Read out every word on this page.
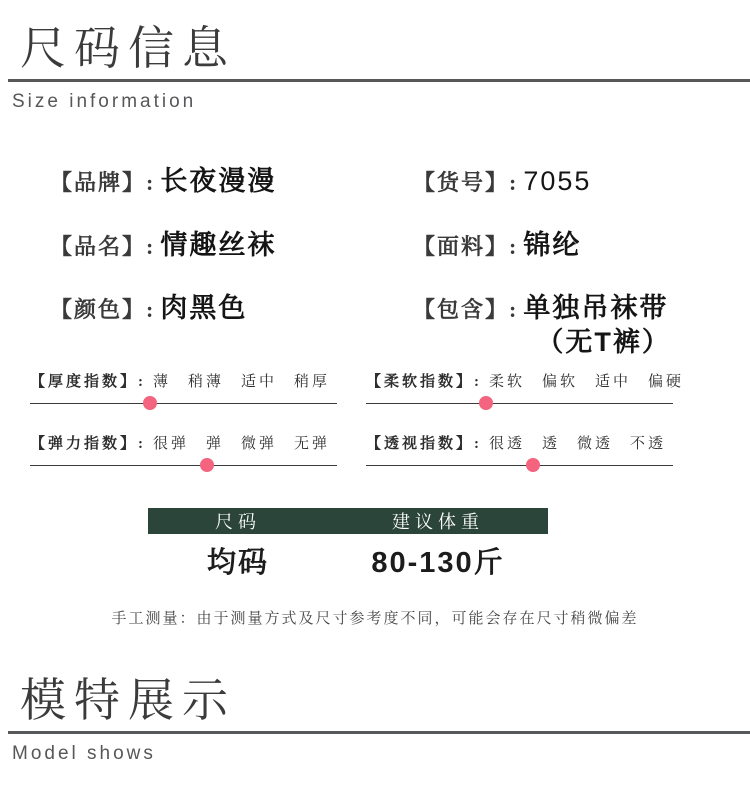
尺码信息
Size information
【品牌】: 长夜漫漫	【货号】: 7055
【品名】: 情趣丝袜	【面料】: 锦纶
【颜色】: 肉黑色	【包含】: 单独吊袜带
（无T裤）
【厚度指数】: 薄 稍薄 适中 稍厚 【柔软指数】: 柔软 偏软 适中 偏硬
【弹力指数】: 很弹 弹 微弹 无弹 【透视指数】: 很透 透 微透 不透
尺码	建议体重
均码	80-130斤

手工测量：由于测量方式及尺寸参考度不同，可能会存在尺寸稍微偏差

模特展示
Model shows
